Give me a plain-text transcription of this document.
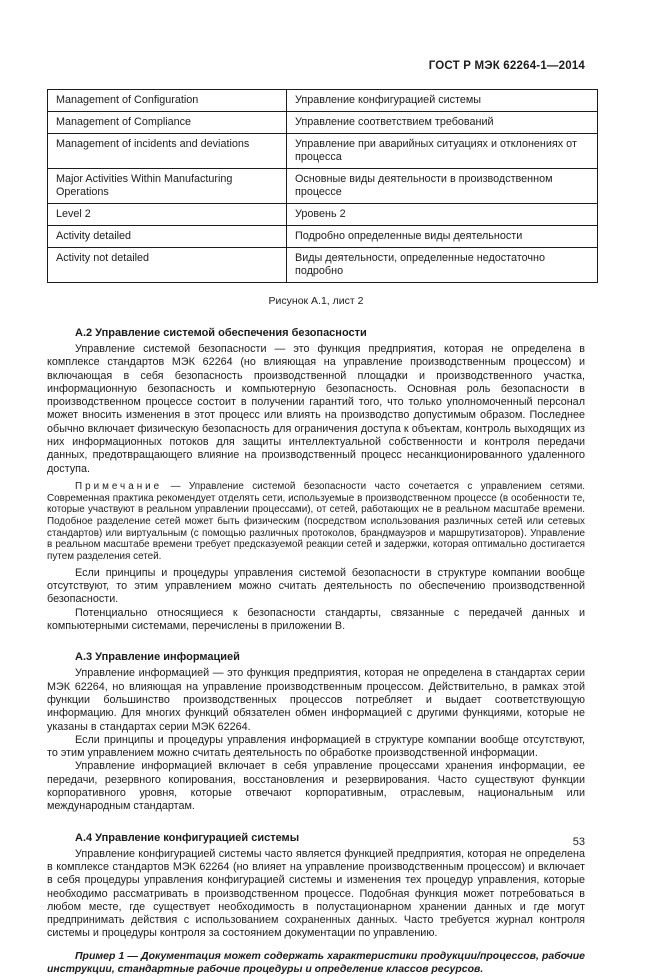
ГОСТ Р МЭК 62264-1—2014
Management of Configuration	Управление конфигурацией системы
Management of Compliance	Управление соответствием требований
Management of incidents and deviations	Управление при аварийных ситуациях и отклонениях от процесса
Major Activities Within Manufacturing Operations	Основные виды деятельности в производственном процессе
Level 2	Уровень 2
Activity detailed	Подробно определенные виды деятельности
Activity not detailed	Виды деятельности, определенные недостаточно подробно
Рисунок А.1, лист 2
А.2 Управление системой обеспечения безопасности

Управление системой безопасности — это функция предприятия, которая не определена в комплексе стандартов МЭК 62264 (но влияющая на управление производственным процессом) и включающая в себя безопасность производственной площадки и производственного участка, информационную безопасность и компьютерную безопасность. Основная роль безопасности в производственном процессе состоит в получении гарантий того, что только уполномоченный персонал может вносить изменения в этот процесс или влиять на производство допустимым образом. Последнее обычно включает физическую безопасность для ограничения доступа к объектам, контроль выходящих из них информационных потоков для защиты интеллектуальной собственности и контроля передачи данных, предотвращающего влияние на производственный процесс несанкционированного удаленного доступа.

Примечание — Управление системой безопасности часто сочетается с управлением сетями. Современная практика рекомендует отделять сети, используемые в производственном процессе (в особенности те, которые участвуют в реальном управлении процессами), от сетей, работающих не в реальном масштабе времени. Подобное разделение сетей может быть физическим (посредством использования различных сетей или сетевых стандартов) или виртуальным (с помощью различных протоколов, брандмауэров и маршрутизаторов). Управление в реальном масштабе времени требует предсказуемой реакции сетей и задержки, которая оптимально достигается путем разделения сетей.

Если принципы и процедуры управления системой безопасности в структуре компании вообще отсутствуют, то этим управлением можно считать деятельность по обеспечению производственной безопасности.

Потенциально относящиеся к безопасности стандарты, связанные с передачей данных и компьютерными системами, перечислены в приложении В.

А.3 Управление информацией

Управление информацией — это функция предприятия, которая не определена в стандартах серии МЭК 62264, но влияющая на управление производственным процессом. Действительно, в рамках этой функции большинство производственных процессов потребляет и выдает соответствующую информацию. Для многих функций обязателен обмен информацией с другими функциями, которые не указаны в стандартах серии МЭК 62264.

Если принципы и процедуры управления информацией в структуре компании вообще отсутствуют, то этим управлением можно считать деятельность по обработке производственной информации.

Управление информацией включает в себя управление процессами хранения информации, ее передачи, резервного копирования, восстановления и резервирования. Часто существуют функции корпоративного уровня, которые отвечают корпоративным, отраслевым, национальным или международным стандартам.

А.4 Управление конфигурацией системы

Управление конфигурацией системы часто является функцией предприятия, которая не определена в комплексе стандартов МЭК 62264 (но влияет на управление производственным процессом) и включает в себя процедуры управления конфигурацией системы и изменения тех процедур управления, которые необходимо рассматривать в производственном процессе. Подобная функция может потребоваться в любом месте, где существует необходимость в полустационарном хранении данных и где могут предпринимать действия с использованием сохраненных данных. Часто требуется журнал контроля системы и процедуры контроля за состоянием документации по управлению.

Пример 1 — Документация может содержать характеристики продукции/процессов, рабочие инструкции, стандартные рабочие процедуры и определение классов ресурсов.

53
